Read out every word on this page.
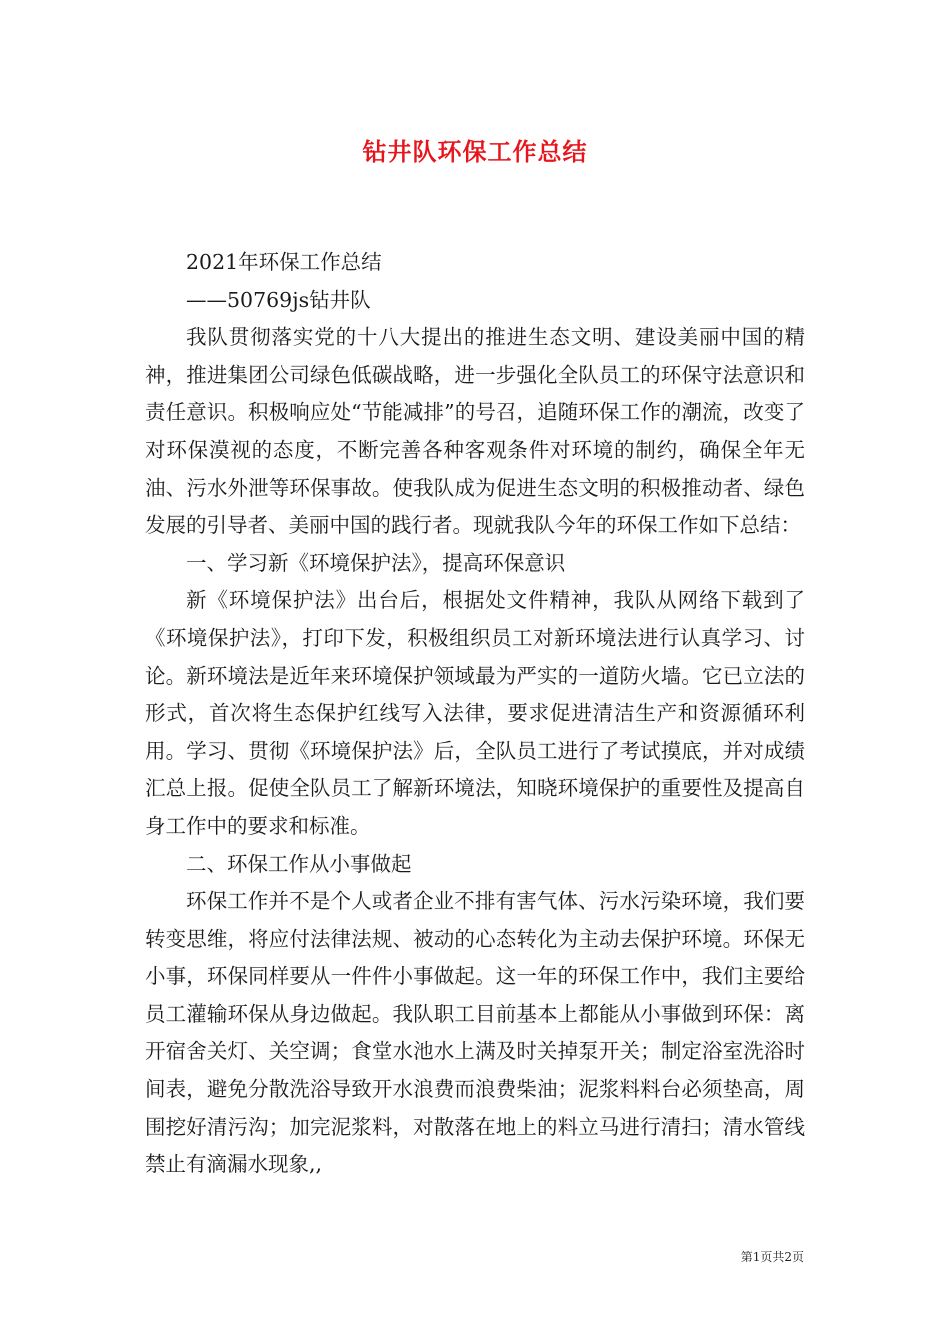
钻井队环保工作总结

2021年环保工作总结

——50769js钻井队

我队贯彻落实党的十八大提出的推进生态文明、建设美丽中国的精神，推进集团公司绿色低碳战略，进一步强化全队员工的环保守法意识和责任意识。积极响应处“节能减排”的号召，追随环保工作的潮流，改变了对环保漠视的态度，不断完善各种客观条件对环境的制约，确保全年无油、污水外泄等环保事故。使我队成为促进生态文明的积极推动者、绿色发展的引导者、美丽中国的践行者。现就我队今年的环保工作如下总结：

一、学习新《环境保护法》，提高环保意识

新《环境保护法》出台后，根据处文件精神，我队从网络下载到了《环境保护法》，打印下发，积极组织员工对新环境法进行认真学习、讨论。新环境法是近年来环境保护领域最为严实的一道防火墙。它已立法的形式，首次将生态保护红线写入法律，要求促进清洁生产和资源循环利用。学习、贯彻《环境保护法》后，全队员工进行了考试摸底，并对成绩汇总上报。促使全队员工了解新环境法，知晓环境保护的重要性及提高自身工作中的要求和标准。

二、环保工作从小事做起

环保工作并不是个人或者企业不排有害气体、污水污染环境，我们要转变思维，将应付法律法规、被动的心态转化为主动去保护环境。环保无小事，环保同样要从一件件小事做起。这一年的环保工作中，我们主要给员工灌输环保从身边做起。我队职工目前基本上都能从小事做到环保：离开宿舍关灯、关空调；食堂水池水上满及时关掉泵开关；制定浴室洗浴时间表，避免分散洗浴导致开水浪费而浪费柴油；泥浆料料台必须垫高，周围挖好清污沟；加完泥浆料，对散落在地上的料立马进行清扫；清水管线禁止有滴漏水现象,,

第1页共2页
